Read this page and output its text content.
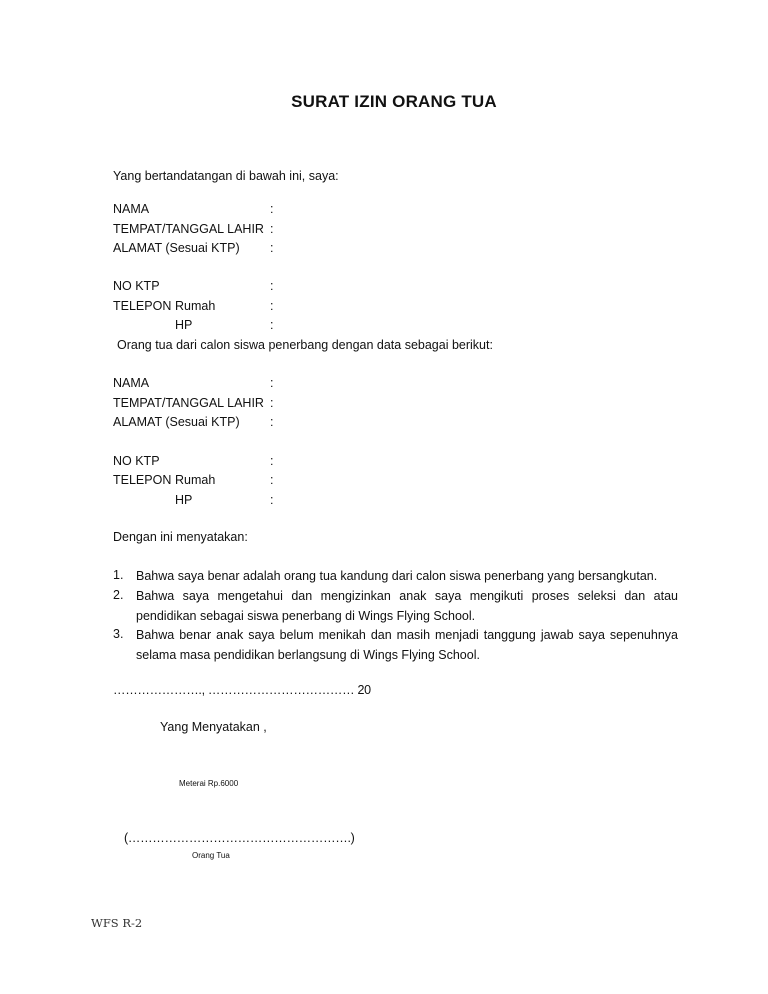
SURAT IZIN ORANG TUA
Yang bertandatangan di bawah ini, saya:
NAMA	:
TEMPAT/TANGGAL LAHIR :
ALAMAT (Sesuai KTP) :
NO KTP	:
TELEPON Rumah	:
HP	:
Orang tua dari calon siswa penerbang dengan data sebagai berikut:
NAMA	:
TEMPAT/TANGGAL LAHIR :
ALAMAT (Sesuai KTP) :
NO KTP	:
TELEPON Rumah	:
HP	:
Dengan ini menyatakan:
1. Bahwa saya benar adalah orang tua kandung dari calon siswa penerbang yang bersangkutan.
2. Bahwa saya mengetahui dan mengizinkan anak saya mengikuti proses seleksi dan atau pendidikan sebagai siswa penerbang di Wings Flying School.
3. Bahwa benar anak saya belum menikah dan masih menjadi tanggung jawab saya sepenuhnya selama masa pendidikan berlangsung di Wings Flying School.
…………………., ……………………………… 20
Yang Menyatakan ,
Meterai Rp.6000
(……………………………………………….)
Orang Tua
WFS R-2
